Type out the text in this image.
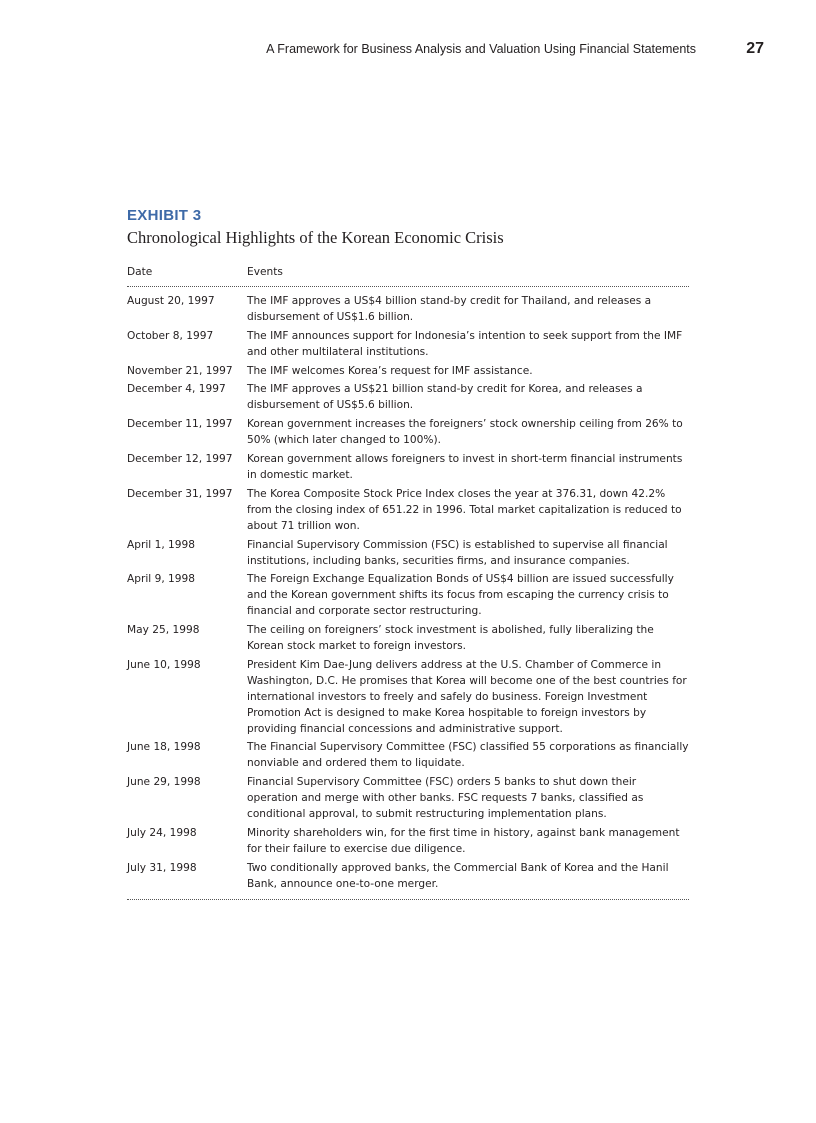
A Framework for Business Analysis and Valuation Using Financial Statements	27
EXHIBIT 3
Chronological Highlights of the Korean Economic Crisis
Date	Events
August 20, 1997	The IMF approves a US$4 billion stand-by credit for Thailand, and releases a disbursement of US$1.6 billion.
October 8, 1997	The IMF announces support for Indonesia’s intention to seek support from the IMF and other multilateral institutions.
November 21, 1997	The IMF welcomes Korea’s request for IMF assistance.
December 4, 1997	The IMF approves a US$21 billion stand-by credit for Korea, and releases a disbursement of US$5.6 billion.
December 11, 1997	Korean government increases the foreigners’ stock ownership ceiling from 26% to 50% (which later changed to 100%).
December 12, 1997	Korean government allows foreigners to invest in short-term financial instruments in domestic market.
December 31, 1997	The Korea Composite Stock Price Index closes the year at 376.31, down 42.2% from the closing index of 651.22 in 1996. Total market capitalization is reduced to about 71 trillion won.
April 1, 1998	Financial Supervisory Commission (FSC) is established to supervise all financial institutions, including banks, securities firms, and insurance companies.
April 9, 1998	The Foreign Exchange Equalization Bonds of US$4 billion are issued successfully and the Korean government shifts its focus from escaping the currency crisis to financial and corporate sector restructuring.
May 25, 1998	The ceiling on foreigners’ stock investment is abolished, fully liberalizing the Korean stock market to foreign investors.
June 10, 1998	President Kim Dae-Jung delivers address at the U.S. Chamber of Commerce in Washington, D.C. He promises that Korea will become one of the best countries for international investors to freely and safely do business. Foreign Investment Promotion Act is designed to make Korea hospitable to foreign investors by providing financial concessions and administrative support.
June 18, 1998	The Financial Supervisory Committee (FSC) classified 55 corporations as financially nonviable and ordered them to liquidate.
June 29, 1998	Financial Supervisory Committee (FSC) orders 5 banks to shut down their operation and merge with other banks. FSC requests 7 banks, classified as conditional approval, to submit restructuring implementation plans.
July 24, 1998	Minority shareholders win, for the first time in history, against bank management for their failure to exercise due diligence.
July 31, 1998	Two conditionally approved banks, the Commercial Bank of Korea and the Hanil Bank, announce one-to-one merger.
